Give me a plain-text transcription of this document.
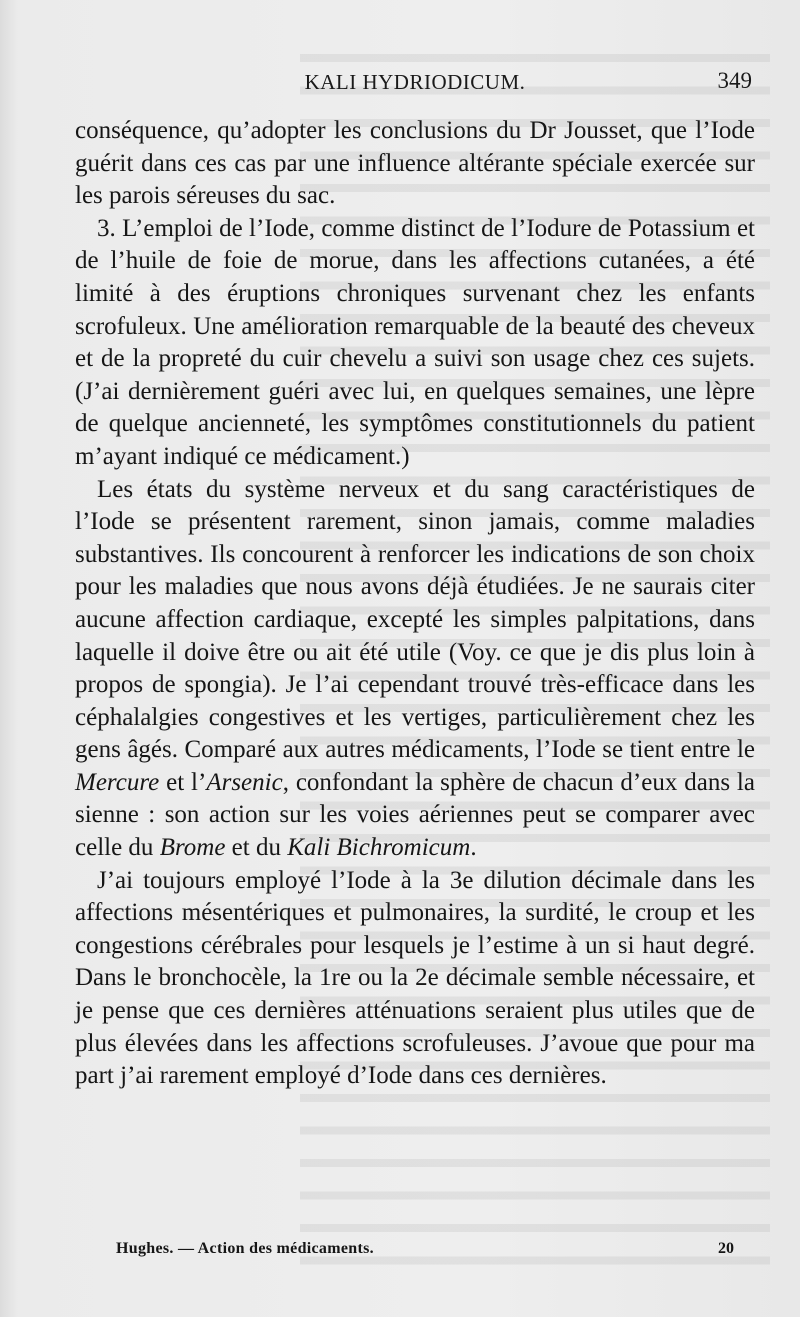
KALI HYDRIODICUM.	349

conséquence, qu’adopter les conclusions du Dr Jousset, que l’Iode guérit dans ces cas par une influence altérante spéciale exercée sur les parois séreuses du sac.

3. L’emploi de l’Iode, comme distinct de l’Iodure de Potassium et de l’huile de foie de morue, dans les affections cutanées, a été limité à des éruptions chroniques survenant chez les enfants scrofuleux. Une amélioration remarquable de la beauté des cheveux et de la propreté du cuir chevelu a suivi son usage chez ces sujets. (J’ai dernièrement guéri avec lui, en quelques semaines, une lèpre de quelque ancienneté, les symptômes constitutionnels du patient m’ayant indiqué ce médicament.)

Les états du système nerveux et du sang caractéristiques de l’Iode se présentent rarement, sinon jamais, comme maladies substantives. Ils concourent à renforcer les indications de son choix pour les maladies que nous avons déjà étudiées. Je ne saurais citer aucune affection cardiaque, excepté les simples palpitations, dans laquelle il doive être ou ait été utile (Voy. ce que je dis plus loin à propos de spongia). Je l’ai cependant trouvé très-efficace dans les céphalalgies congestives et les vertiges, particulièrement chez les gens âgés. Comparé aux autres médicaments, l’Iode se tient entre le Mercure et l’Arsenic, confondant la sphère de chacun d’eux dans la sienne : son action sur les voies aériennes peut se comparer avec celle du Brome et du Kali Bichromicum.

J’ai toujours employé l’Iode à la 3e dilution décimale dans les affections mésentériques et pulmonaires, la surdité, le croup et les congestions cérébrales pour lesquels je l’estime à un si haut degré. Dans le bronchocèle, la 1re ou la 2e décimale semble nécessaire, et je pense que ces dernières atténuations seraient plus utiles que de plus élevées dans les affections scrofuleuses. J’avoue que pour ma part j’ai rarement employé d’Iode dans ces dernières.

Hughes. — Action des médicaments.	20
